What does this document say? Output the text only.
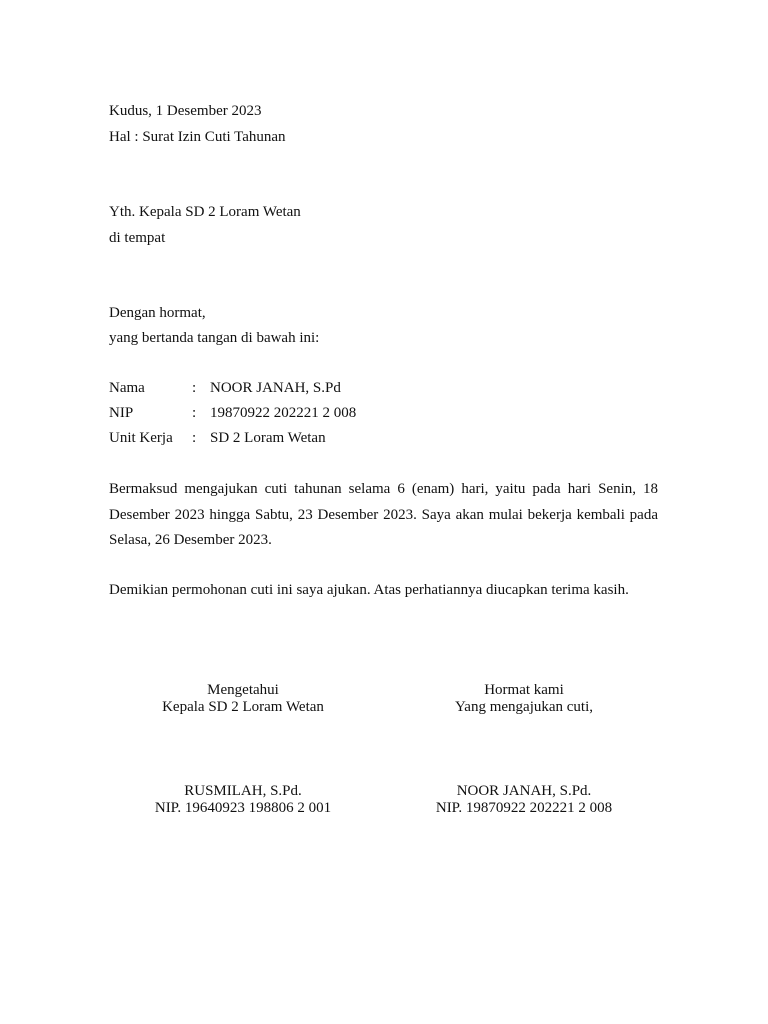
Kudus, 1 Desember 2023
Hal : Surat Izin Cuti Tahunan
Yth. Kepala SD 2 Loram Wetan
di tempat
Dengan hormat,
yang bertanda tangan di bawah ini:
Nama	: NOOR JANAH, S.Pd
NIP	: 19870922 202221 2 008
Unit Kerja : SD 2 Loram Wetan
Bermaksud mengajukan cuti tahunan selama 6 (enam) hari, yaitu pada hari Senin, 18 Desember 2023 hingga Sabtu, 23 Desember 2023. Saya akan mulai bekerja kembali pada Selasa, 26 Desember 2023.
Demikian permohonan cuti ini saya ajukan. Atas perhatiannya diucapkan terima kasih.
Mengetahui
Kepala SD 2 Loram Wetan
RUSMILAH, S.Pd.
NIP. 19640923 198806 2 001
Hormat kami
Yang mengajukan cuti,
NOOR JANAH, S.Pd.
NIP. 19870922 202221 2 008
